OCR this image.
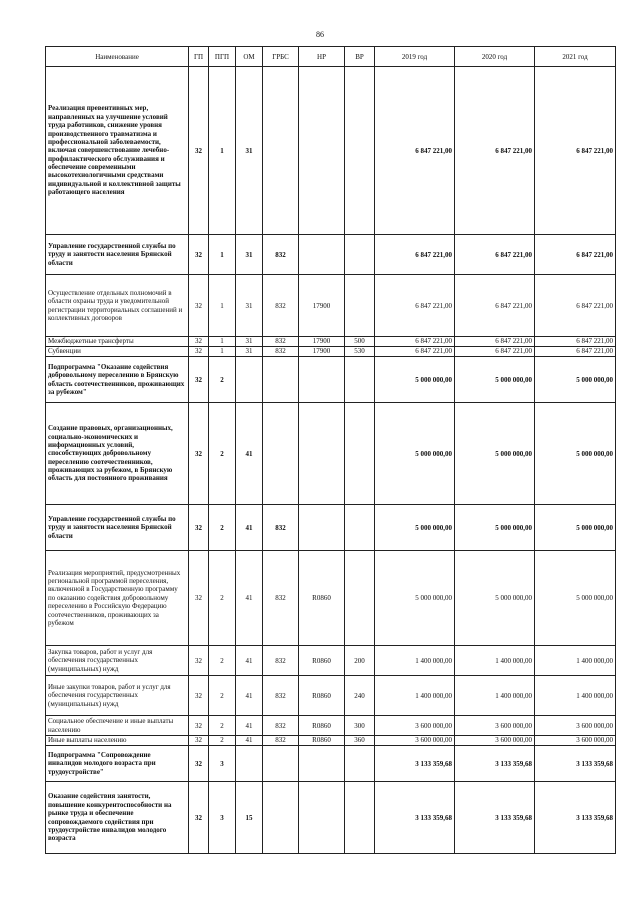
86
Наименование	ГП	ПГП	ОМ	ГРБС	НР	ВР	2019 год	2020 год	2021 год
Реализация превентивных мер, направленных на улучшение условий труда работников, снижение уровня производственного травматизма и профессиональной заболеваемости, включая совершенствование лечебно-профилактического обслуживания и обеспечение современными высокотехнологичными средствами индивидуальной и коллективной защиты работающего населения	32	1	31				6 847 221,00	6 847 221,00	6 847 221,00
Управление государственной службы по труду и занятости населения Брянской области	32	1	31	832			6 847 221,00	6 847 221,00	6 847 221,00
Осуществление отдельных полномочий в области охраны труда и уведомительной регистрации территориальных соглашений и коллективных договоров	32	1	31	832	17900		6 847 221,00	6 847 221,00	6 847 221,00
Межбюджетные трансферты	32	1	31	832	17900	500	6 847 221,00	6 847 221,00	6 847 221,00
Субвенции	32	1	31	832	17900	530	6 847 221,00	6 847 221,00	6 847 221,00
Подпрограмма "Оказание содействия добровольному переселению в Брянскую область соотечественников, проживающих за рубежом"	32	2					5 000 000,00	5 000 000,00	5 000 000,00
Создание правовых, организационных, социально-экономических и информационных условий, способствующих добровольному переселению соотечественников, проживающих за рубежом, в Брянскую область для постоянного проживания	32	2	41				5 000 000,00	5 000 000,00	5 000 000,00
Управление государственной службы по труду и занятости населения Брянской области	32	2	41	832			5 000 000,00	5 000 000,00	5 000 000,00
Реализация мероприятий, предусмотренных региональной программой переселения, включенной в Государственную программу по оказанию содействия добровольному переселению в Российскую Федерацию соотечественников, проживающих за рубежом	32	2	41	832	R0860		5 000 000,00	5 000 000,00	5 000 000,00
Закупка товаров, работ и услуг для обеспечения государственных (муниципальных) нужд	32	2	41	832	R0860	200	1 400 000,00	1 400 000,00	1 400 000,00
Иные закупки товаров, работ и услуг для обеспечения государственных (муниципальных) нужд	32	2	41	832	R0860	240	1 400 000,00	1 400 000,00	1 400 000,00
Социальное обеспечение и иные выплаты населению	32	2	41	832	R0860	300	3 600 000,00	3 600 000,00	3 600 000,00
Иные выплаты населению	32	2	41	832	R0860	360	3 600 000,00	3 600 000,00	3 600 000,00
Подпрограмма "Сопровождение инвалидов молодого возраста при трудоустройстве"	32	3					3 133 359,68	3 133 359,68	3 133 359,68
Оказание содействия занятости, повышение конкурентоспособности на рынке труда и обеспечение сопровождаемого содействия при трудоустройстве инвалидов молодого возраста	32	3	15				3 133 359,68	3 133 359,68	3 133 359,68
